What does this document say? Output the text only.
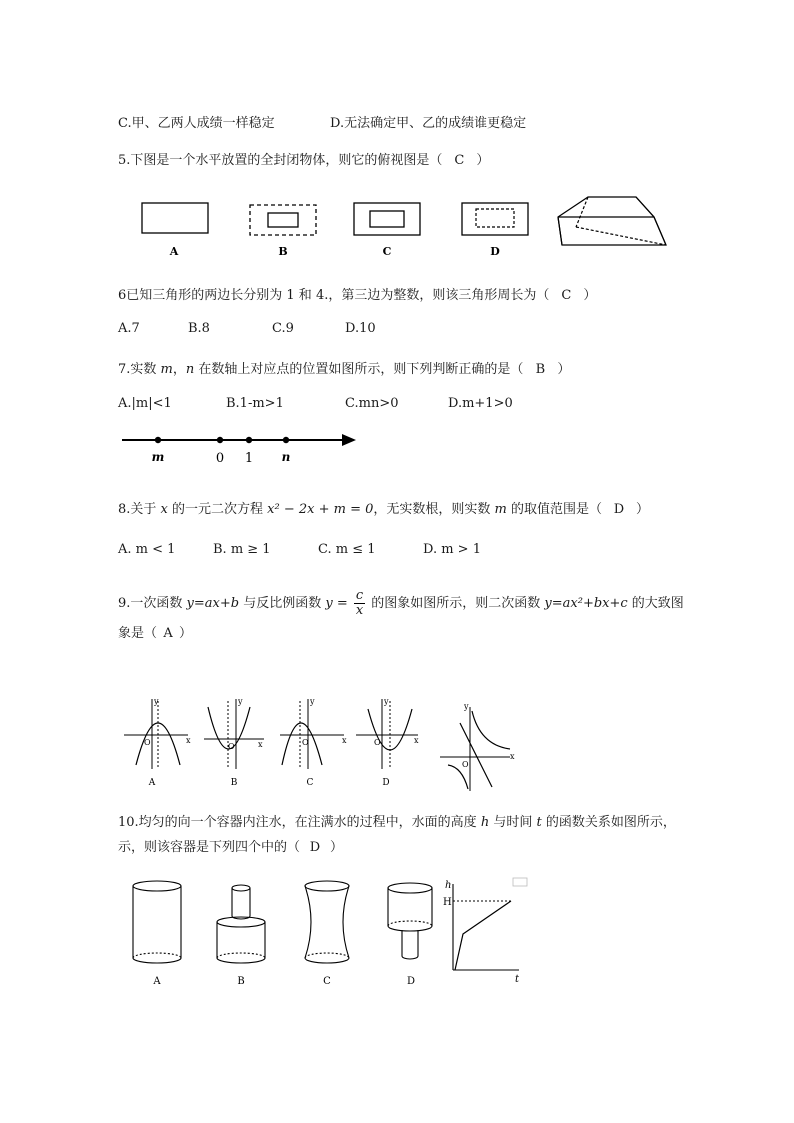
C.甲、乙两人成绩一样稳定	D.无法确定甲、乙的成绩谁更稳定
5.下图是一个水平放置的全封闭物体，则它的俯视图是（ C ）
A	B	C	D
6已知三角形的两边长分别为 1 和 4.，第三边为整数，则该三角形周长为（ C ）
A.7	B.8	C.9	D.10
7.实数 m，n 在数轴上对应点的位置如图所示，则下列判断正确的是（ B ）
A.|m|<1	B.1-m>1	C.mn>0	D.m+1>0
m	0 1 n
8.关于 x 的一元二次方程 x² − 2x + m = 0，无实数根，则实数 m 的取值范围是（ D ）
A. m < 1	B. m ≥ 1	C. m ≤ 1	D. m > 1
9.一次函数 y=ax+b 与反比例函数 $y = \frac{c}{x}$ 的图象如图所示，则二次函数 y=ax²+bx+c 的大致图
象是（ A ）
y
O	x
A
y
O	x
B
y
O	x
C
y
O	x
D
y
O
x
10.均匀的向一个容器内注水，在注满水的过程中，水面的高度 h 与时间 t 的函数关系如图所示，
示，则该容器是下列四个中的（ D ）
A	B	C	D
h
H
t
